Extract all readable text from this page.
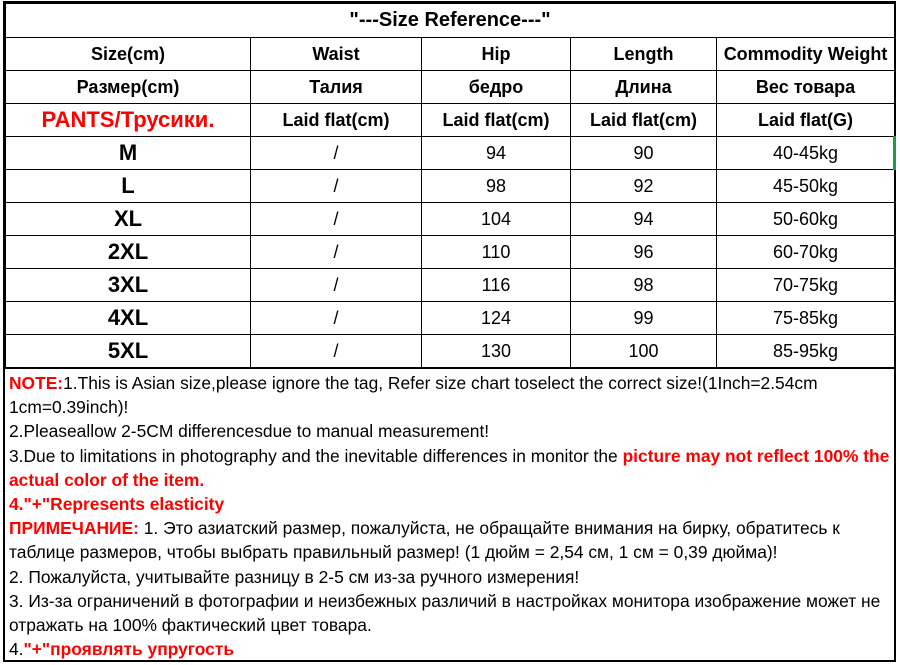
"---Size Reference---"				
Size(cm)	Waist	Hip	Length	Commodity Weight
Размер(cm)	Талия	бедро	Длина	Вес товара
PANTS/Трусики.	Laid flat(cm)	Laid flat(cm)	Laid flat(cm)	Laid flat(G)
M	/	94	90	40-45kg
L	/	98	92	45-50kg
XL	/	104	94	50-60kg
2XL	/	110	96	60-70kg
3XL	/	116	98	70-75kg
4XL	/	124	99	75-85kg
5XL	/	130	100	85-95kg

NOTE:1.This is Asian size,please ignore the tag, Refer size chart toselect the correct size!(1Inch=2.54cm 1cm=0.39inch)!

2.Pleaseallow 2-5CM differencesdue to manual measurement!

3.Due to limitations in photography and the inevitable differences in monitor the picture may not reflect 100% the actual color of the item.

4."+"Represents elasticity

ПРИМЕЧАНИЕ: 1. Это азиатский размер, пожалуйста, не обращайте внимания на бирку, обратитесь к таблице размеров, чтобы выбрать правильный размер! (1 дюйм = 2,54 см, 1 см = 0,39 дюйма)!

2. Пожалуйста, учитывайте разницу в 2-5 см из-за ручного измерения!

3. Из-за ограничений в фотографии и неизбежных различий в настройках монитора изображение может не отражать на 100% фактический цвет товара.

4."+"проявлять упругость
